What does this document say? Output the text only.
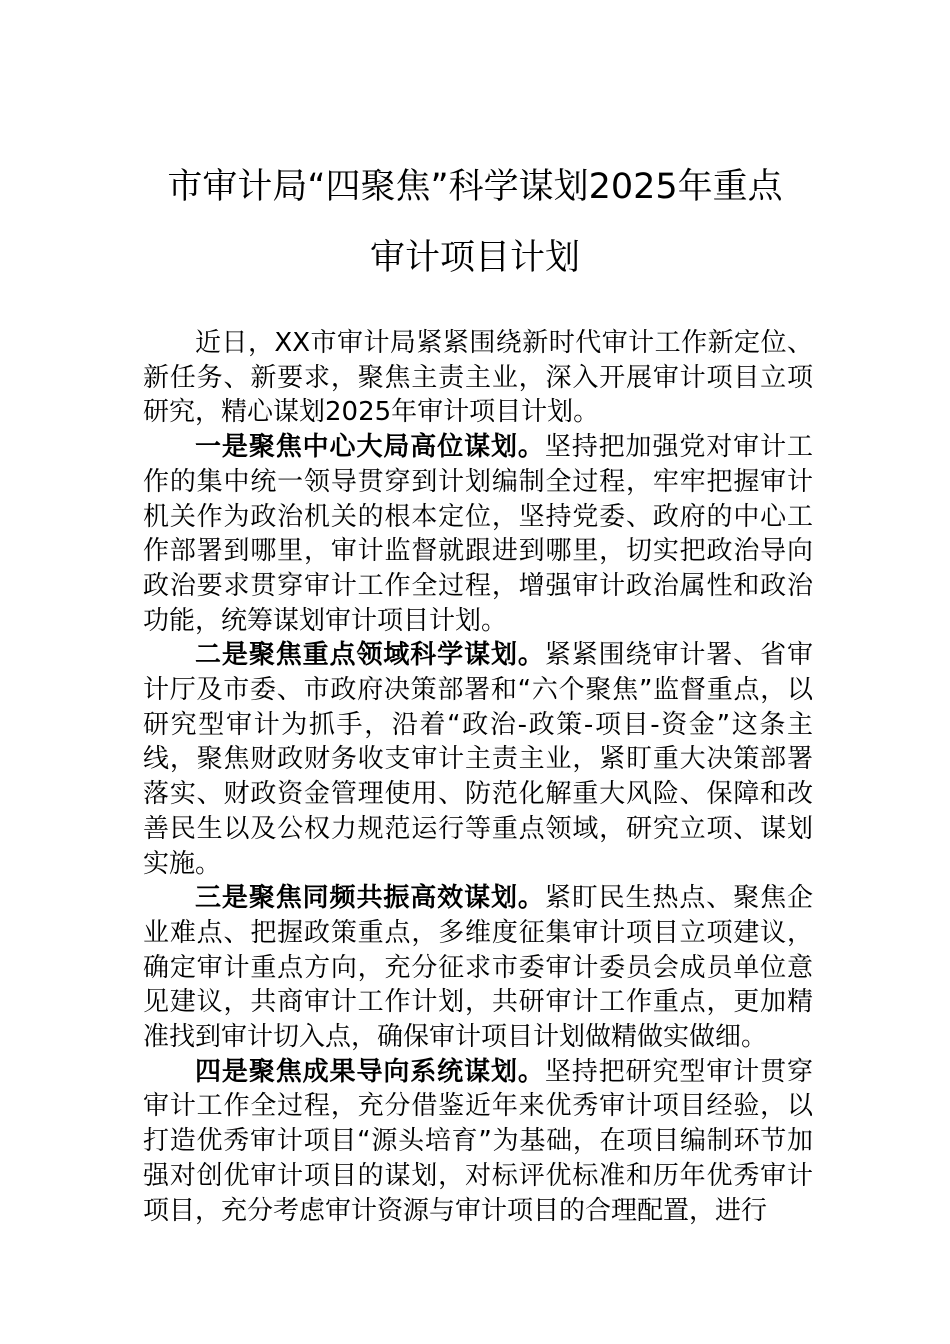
市审计局“四聚焦”科学谋划2025年重点
审计项目计划

近日，XX市审计局紧紧围绕新时代审计工作新定位、新任务、新要求，聚焦主责主业，深入开展审计项目立项研究，精心谋划2025年审计项目计划。

一是聚焦中心大局高位谋划。坚持把加强党对审计工作的集中统一领导贯穿到计划编制全过程，牢牢把握审计机关作为政治机关的根本定位，坚持党委、政府的中心工作部署到哪里，审计监督就跟进到哪里，切实把政治导向政治要求贯穿审计工作全过程，增强审计政治属性和政治功能，统筹谋划审计项目计划。

二是聚焦重点领域科学谋划。紧紧围绕审计署、省审计厅及市委、市政府决策部署和“六个聚焦”监督重点，以研究型审计为抓手，沿着“政治-政策-项目-资金”这条主线，聚焦财政财务收支审计主责主业，紧盯重大决策部署落实、财政资金管理使用、防范化解重大风险、保障和改善民生以及公权力规范运行等重点领域，研究立项、谋划实施。

三是聚焦同频共振高效谋划。紧盯民生热点、聚焦企业难点、把握政策重点，多维度征集审计项目立项建议，确定审计重点方向，充分征求市委审计委员会成员单位意见建议，共商审计工作计划，共研审计工作重点，更加精准找到审计切入点，确保审计项目计划做精做实做细。

四是聚焦成果导向系统谋划。坚持把研究型审计贯穿审计工作全过程，充分借鉴近年来优秀审计项目经验，以打造优秀审计项目“源头培育”为基础，在项目编制环节加强对创优审计项目的谋划，对标评优标准和历年优秀审计项目，充分考虑审计资源与审计项目的合理配置，进行
